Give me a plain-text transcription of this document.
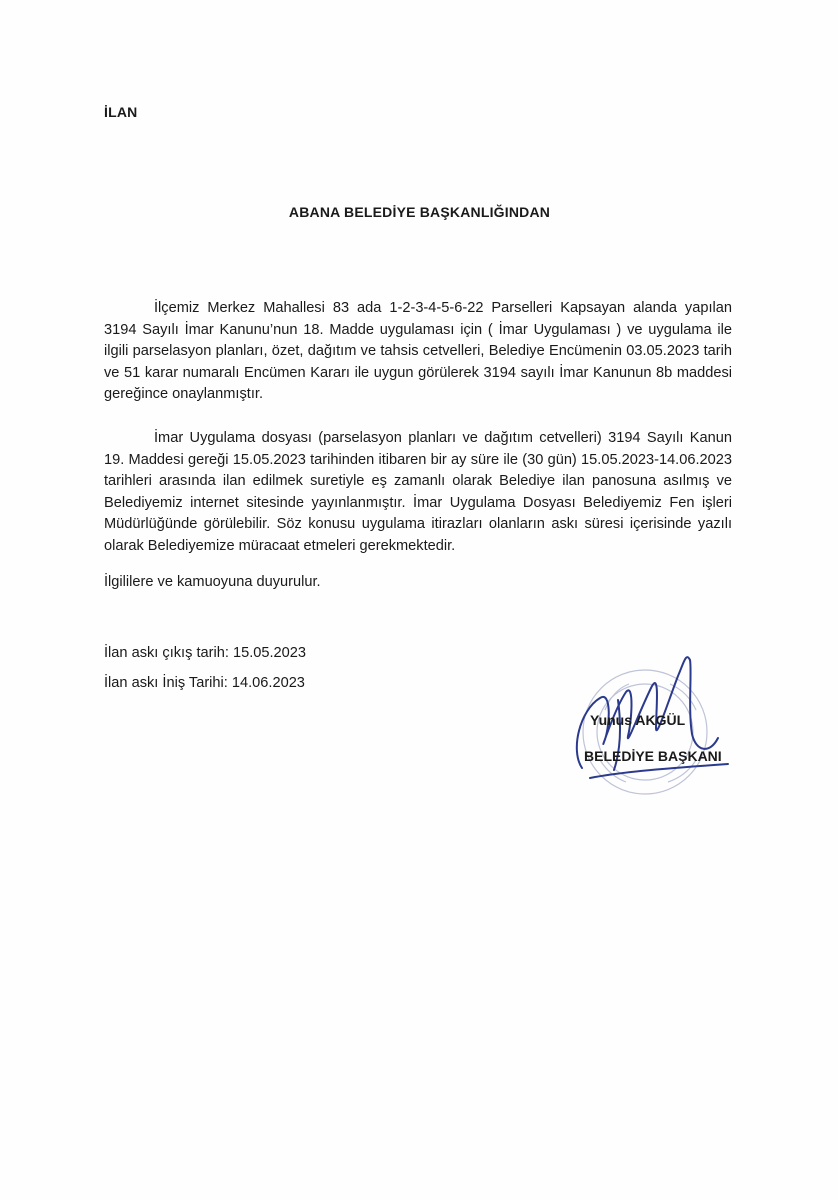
İLAN
ABANA BELEDİYE BAŞKANLIĞINDAN

İlçemiz Merkez Mahallesi 83 ada 1-2-3-4-5-6-22 Parselleri Kapsayan alanda yapılan 3194 Sayılı İmar Kanunu’nun 18. Madde uygulaması için ( İmar Uygulaması ) ve uygulama ile ilgili parselasyon planları, özet, dağıtım ve tahsis cetvelleri, Belediye Encümenin 03.05.2023 tarih ve 51 karar numaralı Encümen Kararı ile uygun görülerek 3194 sayılı İmar Kanunun 8b maddesi gereğince onaylanmıştır.

İmar Uygulama dosyası (parselasyon planları ve dağıtım cetvelleri) 3194 Sayılı Kanun 19. Maddesi gereği 15.05.2023 tarihinden itibaren bir ay süre ile (30 gün) 15.05.2023-14.06.2023 tarihleri arasında ilan edilmek suretiyle eş zamanlı olarak Belediye ilan panosuna asılmış ve Belediyemiz internet sitesinde yayınlanmıştır. İmar Uygulama Dosyası Belediyemiz Fen işleri Müdürlüğünde görülebilir. Söz konusu uygulama itirazları olanların askı süresi içerisinde yazılı olarak Belediyemize müracaat etmeleri gerekmektedir.

İlgililere ve kamuoyuna duyurulur.

İlan askı çıkış tarih: 15.05.2023
İlan askı İniş Tarihi: 14.06.2023
Yunus AKGÜL
BELEDİYE BAŞKANI
